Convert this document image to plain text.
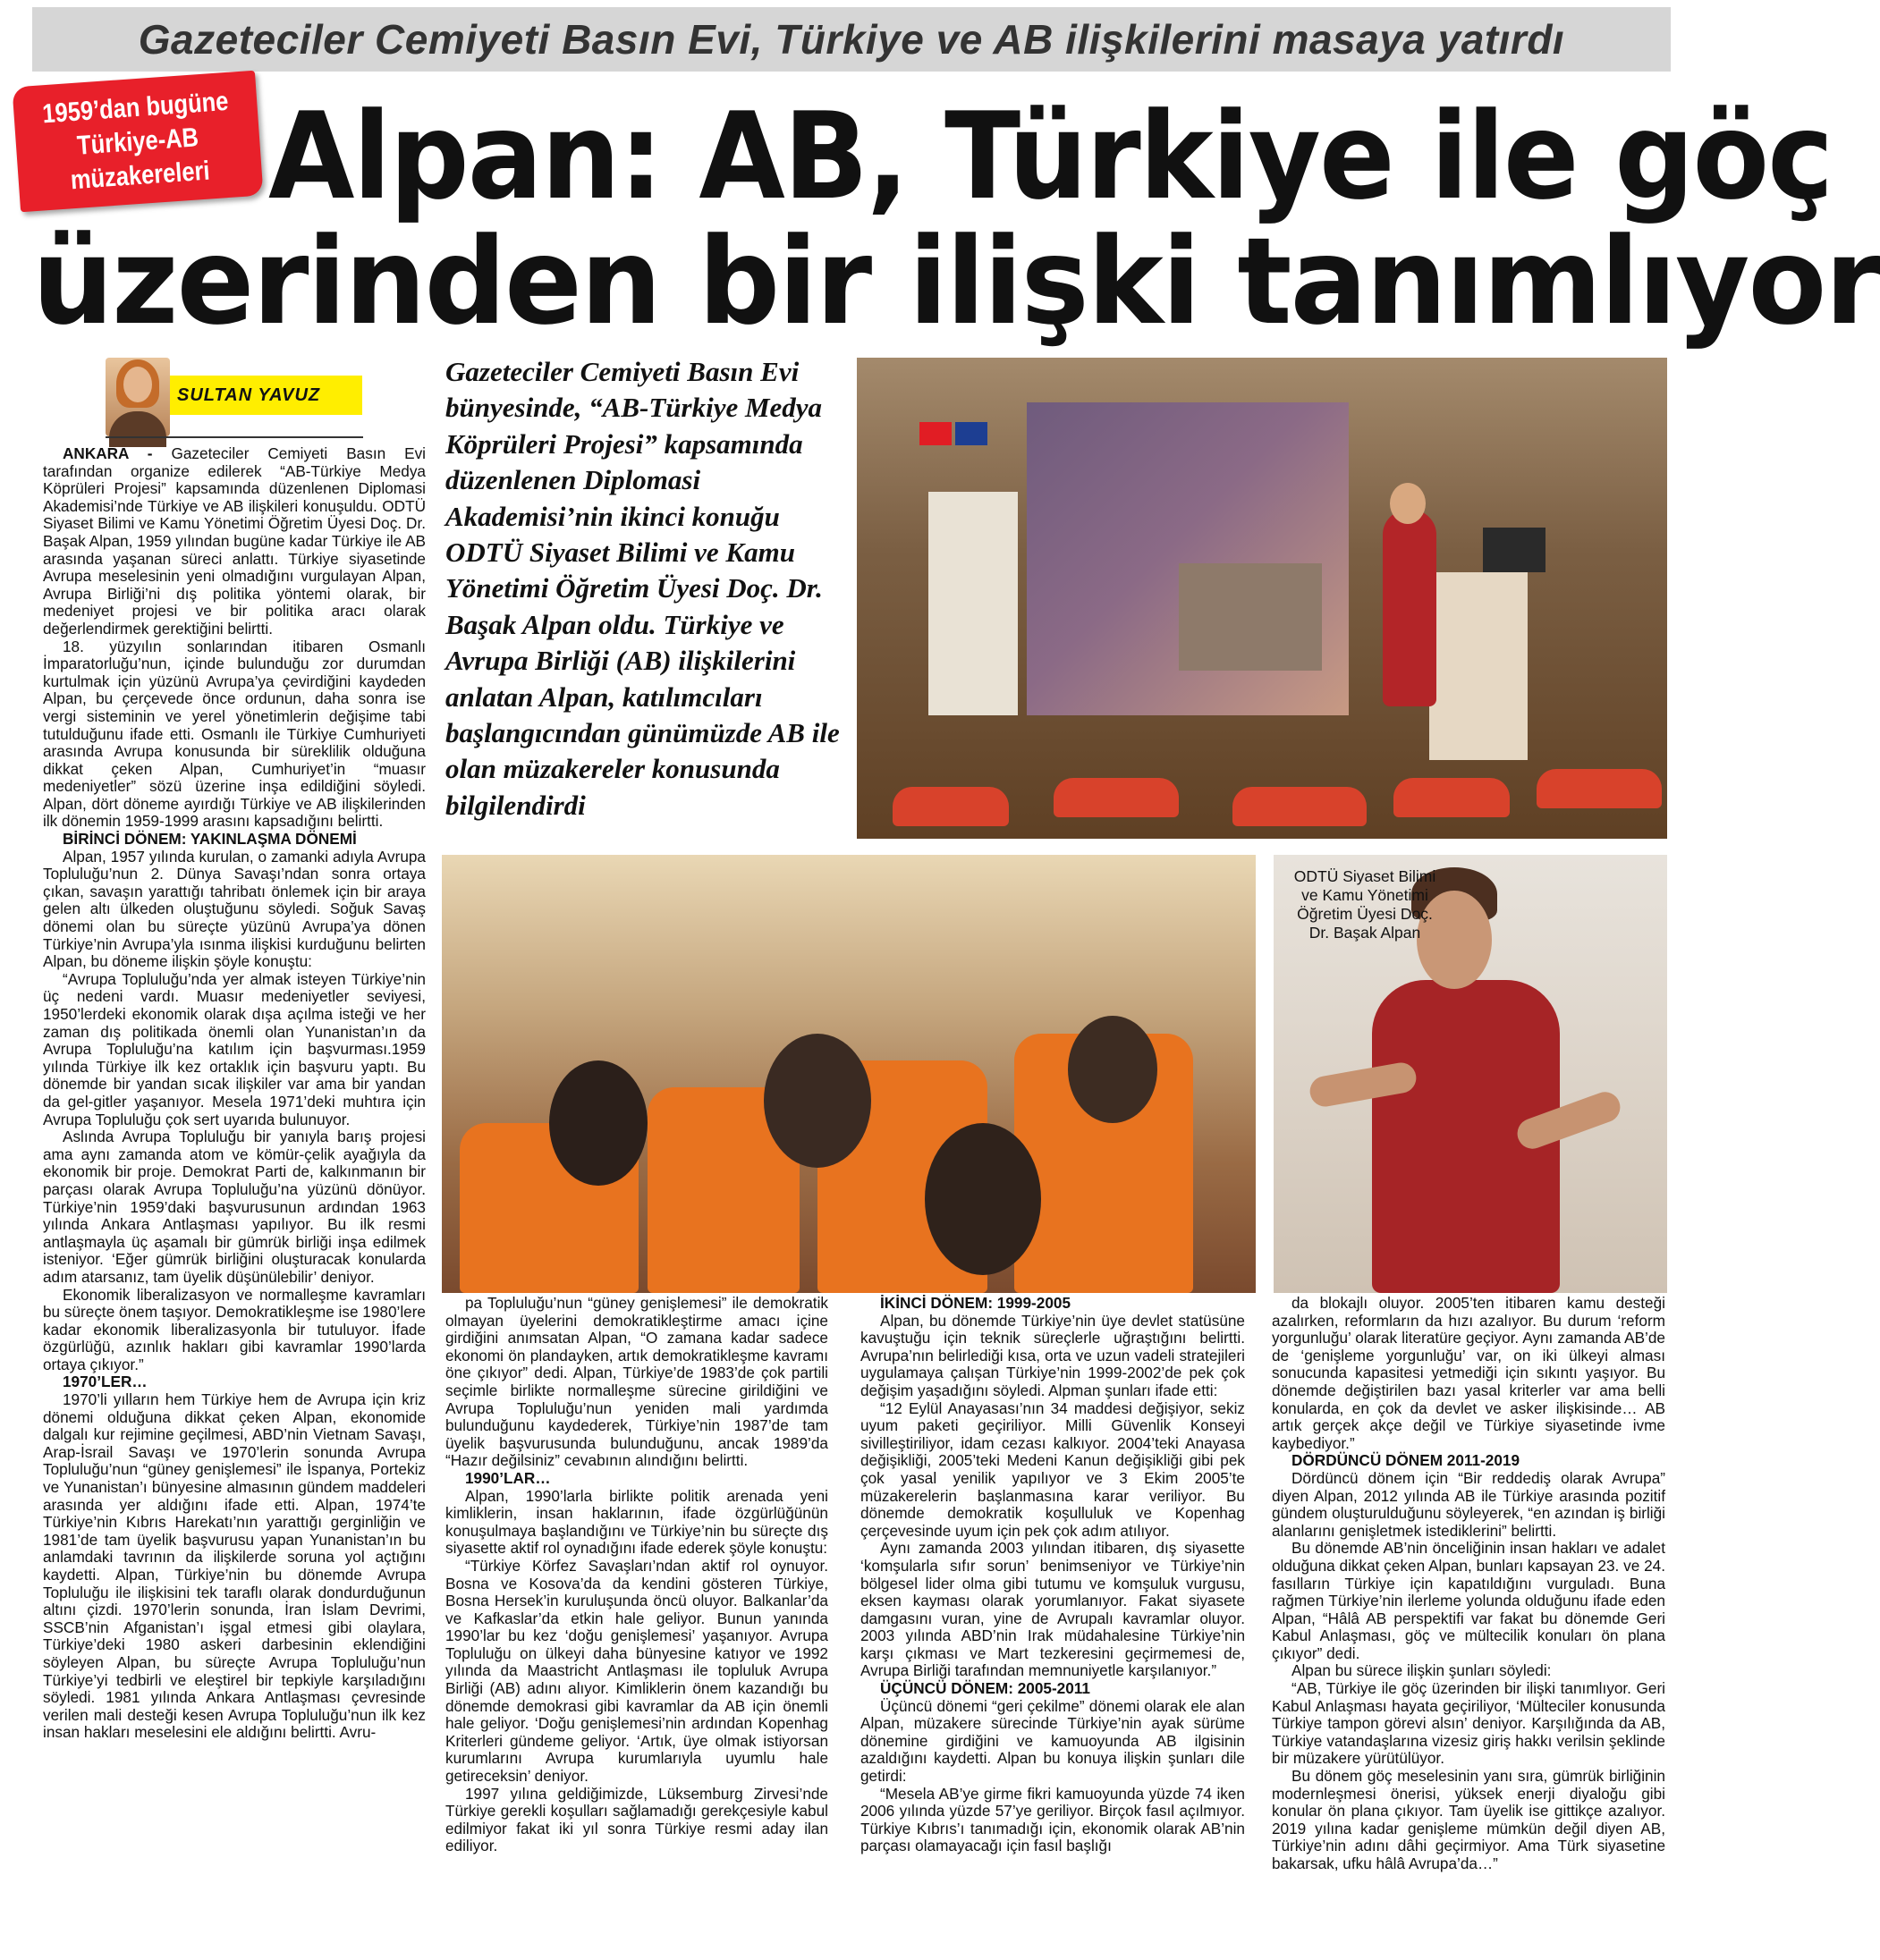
Gazeteciler Cemiyeti Basın Evi, Türkiye ve AB ilişkilerini masaya yatırdı
1959’dan bugüne
Türkiye-AB
müzakereleri Alpan: AB, Türkiye ile göç
üzerinden bir ilişki tanımlıyor
SULTAN YAVUZ
Gazeteciler Cemiyeti Basın Evi bünyesinde, “AB-Türkiye Medya Köprüleri Projesi” kapsamında düzenlenen Diplomasi Akademisi’nin ikinci konuğu ODTÜ Siyaset Bilimi ve Kamu Yönetimi Öğretim Üyesi Doç. Dr. Başak Alpan oldu. Türkiye ve Avrupa Birliği (AB) ilişkilerini anlatan Alpan, katılımcıları başlangıcından günümüzde AB ile olan müzakereler konusunda bilgilendirdi
ODTÜ Siyaset Bilimi
ve Kamu Yönetimi
Öğretim Üyesi Doç.
Dr. Başak Alpan

ANKARA - Gazeteciler Cemiyeti Basın Evi tarafından organize edilerek “AB-Türkiye Medya Köprüleri Projesi” kapsamında düzenlenen Diplomasi Akademisi’nde Türkiye ve AB ilişkileri konuşuldu. ODTÜ Siyaset Bilimi ve Kamu Yönetimi Öğretim Üyesi Doç. Dr. Başak Alpan, 1959 yılından bugüne kadar Türkiye ile AB arasında yaşanan süreci anlattı. Türkiye siyasetinde Avrupa meselesinin yeni olmadığını vurgulayan Alpan, Avrupa Birliği’ni dış politika yöntemi olarak, bir medeniyet projesi ve bir politika aracı olarak değerlendirmek gerektiğini belirtti.

18. yüzyılın sonlarından itibaren Osmanlı İmparatorluğu’nun, içinde bulunduğu zor durumdan kurtulmak için yüzünü Avrupa’ya çevirdiğini kaydeden Alpan, bu çerçevede önce ordunun, daha sonra ise vergi sisteminin ve yerel yönetimlerin değişime tabi tutulduğunu ifade etti. Osmanlı ile Türkiye Cumhuriyeti arasında Avrupa konusunda bir süreklilik olduğuna dikkat çeken Alpan, Cumhuriyet’in “muasır medeniyetler” sözü üzerine inşa edildiğini söyledi. Alpan, dört döneme ayırdığı Türkiye ve AB ilişkilerinden ilk dönemin 1959-1999 arasını kapsadığını belirtti.

BİRİNCİ DÖNEM: YAKINLAŞMA DÖNEMİ

Alpan, 1957 yılında kurulan, o zamanki adıyla Avrupa Topluluğu’nun 2. Dünya Savaşı’ndan sonra ortaya çıkan, savaşın yarattığı tahribatı önlemek için bir araya gelen altı ülkeden oluştuğunu söyledi. Soğuk Savaş dönemi olan bu süreçte yüzünü Avrupa’ya dönen Türkiye’nin Avrupa’yla ısınma ilişkisi kurduğunu belirten Alpan, bu döneme ilişkin şöyle konuştu:

“Avrupa Topluluğu’nda yer almak isteyen Türkiye’nin üç nedeni vardı. Muasır medeniyetler seviyesi, 1950’lerdeki ekonomik olarak dışa açılma isteği ve her zaman dış politikada önemli olan Yunanistan’ın da Avrupa Topluluğu’na katılım için başvurması.1959 yılında Türkiye ilk kez ortaklık için başvuru yaptı. Bu dönemde bir yandan sıcak ilişkiler var ama bir yandan da gel-gitler yaşanıyor. Mesela 1971’deki muhtıra için Avrupa Topluluğu çok sert uyarıda bulunuyor.

Aslında Avrupa Topluluğu bir yanıyla barış projesi ama aynı zamanda atom ve kömür-çelik ayağıyla da ekonomik bir proje. Demokrat Parti de, kalkınmanın bir parçası olarak Avrupa Topluluğu’na yüzünü dönüyor. Türkiye’nin 1959’daki başvurusunun ardından 1963 yılında Ankara Antlaşması yapılıyor. Bu ilk resmi antlaşmayla üç aşamalı bir gümrük birliği inşa edilmek isteniyor. ‘Eğer gümrük birliğini oluşturacak konularda adım atarsanız, tam üyelik düşünülebilir’ deniyor.

Ekonomik liberalizasyon ve normalleşme kavramları bu süreçte önem taşıyor. Demokratikleşme ise 1980’lere kadar ekonomik liberalizasyonla bir tutuluyor. İfade özgürlüğü, azınlık hakları gibi kavramlar 1990’larda ortaya çıkıyor.”

1970’LER…

1970’li yılların hem Türkiye hem de Avrupa için kriz dönemi olduğuna dikkat çeken Alpan, ekonomide dalgalı kur rejimine geçilmesi, ABD’nin Vietnam Savaşı, Arap-İsrail Savaşı ve 1970’lerin sonunda Avrupa Topluluğu’nun “güney genişlemesi” ile İspanya, Portekiz ve Yunanistan’ı bünyesine almasının gündem maddeleri arasında yer aldığını ifade etti. Alpan, 1974’te Türkiye’nin Kıbrıs Harekatı’nın yarattığı gerginliğin ve 1981’de tam üyelik başvurusu yapan Yunanistan’ın bu anlamdaki tavrının da ilişkilerde soruna yol açtığını kaydetti. Alpan, Türkiye’nin bu dönemde Avrupa Topluluğu ile ilişkisini tek taraflı olarak dondurduğunun altını çizdi. 1970’lerin sonunda, İran İslam Devrimi, SSCB’nin Afganistan’ı işgal etmesi gibi olaylara, Türkiye’deki 1980 askeri darbesinin eklendiğini söyleyen Alpan, bu süreçte Avrupa Topluluğu’nun Türkiye’yi tedbirli ve eleştirel bir tepkiyle karşıladığını söyledi. 1981 yılında Ankara Antlaşması çevresinde verilen mali desteği kesen Avrupa Topluluğu’nun ilk kez insan hakları meselesini ele aldığını belirtti. Avru-

pa Topluluğu’nun “güney genişlemesi” ile demokratik olmayan üyelerini demokratikleştirme amacı içine girdiğini anımsatan Alpan, “O zamana kadar sadece ekonomi ön plandayken, artık demokratikleşme kavramı öne çıkıyor” dedi. Alpan, Türkiye’de 1983’de çok partili seçimle birlikte normalleşme sürecine girildiğini ve Avrupa Topluluğu’nun yeniden mali yardımda bulunduğunu kaydederek, Türkiye’nin 1987’de tam üyelik başvurusunda bulunduğunu, ancak 1989’da “Hazır değilsiniz” cevabının alındığını belirtti.

1990’LAR…

Alpan, 1990’larla birlikte politik arenada yeni kimliklerin, insan haklarının, ifade özgürlüğünün konuşulmaya başlandığını ve Türkiye’nin bu süreçte dış siyasette aktif rol oynadığını ifade ederek şöyle konuştu:

“Türkiye Körfez Savaşları’ndan aktif rol oynuyor. Bosna ve Kosova’da da kendini gösteren Türkiye, Bosna Hersek’in kuruluşunda öncü oluyor. Balkanlar’da ve Kafkaslar’da etkin hale geliyor. Bunun yanında 1990’lar bu kez ‘doğu genişlemesi’ yaşanıyor. Avrupa Topluluğu on ülkeyi daha bünyesine katıyor ve 1992 yılında da Maastricht Antlaşması ile topluluk Avrupa Birliği (AB) adını alıyor. Kimliklerin önem kazandığı bu dönemde demokrasi gibi kavramlar da AB için önemli hale geliyor. ‘Doğu genişlemesi’nin ardından Kopenhag Kriterleri gündeme geliyor. ‘Artık, üye olmak istiyorsan kurumlarını Avrupa kurumlarıyla uyumlu hale getireceksin’ deniyor.

1997 yılına geldiğimizde, Lüksemburg Zirvesi’nde Türkiye gerekli koşulları sağlamadığı gerekçesiyle kabul edilmiyor fakat iki yıl sonra Türkiye resmi aday ilan ediliyor.

İKİNCİ DÖNEM: 1999-2005

Alpan, bu dönemde Türkiye’nin üye devlet statüsüne kavuştuğu için teknik süreçlerle uğraştığını belirtti. Avrupa’nın belirlediği kısa, orta ve uzun vadeli stratejileri uygulamaya çalışan Türkiye’nin 1999-2002’de pek çok değişim yaşadığını söyledi. Alpman şunları ifade etti:

“12 Eylül Anayasası’nın 34 maddesi değişiyor, sekiz uyum paketi geçiriliyor. Milli Güvenlik Konseyi sivilleştiriliyor, idam cezası kalkıyor. 2004’teki Anayasa değişikliği, 2005’teki Medeni Kanun değişikliği gibi pek çok yasal yenilik yapılıyor ve 3 Ekim 2005’te müzakerelerin başlanmasına karar veriliyor. Bu dönemde demokratik koşulluluk ve Kopenhag çerçevesinde uyum için pek çok adım atılıyor.

Aynı zamanda 2003 yılından itibaren, dış siyasette ‘komşularla sıfır sorun’ benimseniyor ve Türkiye’nin bölgesel lider olma gibi tutumu ve komşuluk vurgusu, eksen kayması olarak yorumlanıyor. Fakat siyasete damgasını vuran, yine de Avrupalı kavramlar oluyor. 2003 yılında ABD’nin Irak müdahalesine Türkiye’nin karşı çıkması ve Mart tezkeresini geçirmemesi de, Avrupa Birliği tarafından memnuniyetle karşılanıyor.”

ÜÇÜNCÜ DÖNEM: 2005-2011

Üçüncü dönemi “geri çekilme” dönemi olarak ele alan Alpan, müzakere sürecinde Türkiye’nin ayak sürüme dönemine girdiğini ve kamuoyunda AB ilgisinin azaldığını kaydetti. Alpan bu konuya ilişkin şunları dile getirdi:

“Mesela AB’ye girme fikri kamuoyunda yüzde 74 iken 2006 yılında yüzde 57’ye geriliyor. Birçok fasıl açılmıyor. Türkiye Kıbrıs’ı tanımadığı için, ekonomik olarak AB’nin parçası olamayacağı için fasıl başlığı

da blokajlı oluyor. 2005’ten itibaren kamu desteği azalırken, reformların da hızı azalıyor. Bu durum ‘reform yorgunluğu’ olarak literatüre geçiyor. Aynı zamanda AB’de de ‘genişleme yorgunluğu’ var, on iki ülkeyi alması sonucunda kapasitesi yetmediği için sıkıntı yaşıyor. Bu dönemde değiştirilen bazı yasal kriterler var ama belli konularda, en çok da devlet ve asker ilişkisinde… AB artık gerçek akçe değil ve Türkiye siyasetinde ivme kaybediyor.”

DÖRDÜNCÜ DÖNEM 2011-2019

Dördüncü dönem için “Bir reddediş olarak Avrupa” diyen Alpan, 2012 yılında AB ile Türkiye arasında pozitif gündem oluşturulduğunu söyleyerek, “en azından iş birliği alanlarını genişletmek istediklerini” belirtti.

Bu dönemde AB’nin önceliğinin insan hakları ve adalet olduğuna dikkat çeken Alpan, bunları kapsayan 23. ve 24. fasılların Türkiye için kapatıldığını vurguladı. Buna rağmen Türkiye’nin ilerleme yolunda olduğunu ifade eden Alpan, “Hâlâ AB perspektifi var fakat bu dönemde Geri Kabul Anlaşması, göç ve mültecilik konuları ön plana çıkıyor” dedi.

Alpan bu sürece ilişkin şunları söyledi:

“AB, Türkiye ile göç üzerinden bir ilişki tanımlıyor. Geri Kabul Anlaşması hayata geçiriliyor, ‘Mülteciler konusunda Türkiye tampon görevi alsın’ deniyor. Karşılığında da AB, Türkiye vatandaşlarına vizesiz giriş hakkı verilsin şeklinde bir müzakere yürütülüyor.

Bu dönem göç meselesinin yanı sıra, gümrük birliğinin modernleşmesi önerisi, yüksek enerji diyaloğu gibi konular ön plana çıkıyor. Tam üyelik ise gittikçe azalıyor. 2019 yılına kadar genişleme mümkün değil diyen AB, Türkiye’nin adını dâhi geçirmiyor. Ama Türk siyasetine bakarsak, ufku hâlâ Avrupa’da…”
